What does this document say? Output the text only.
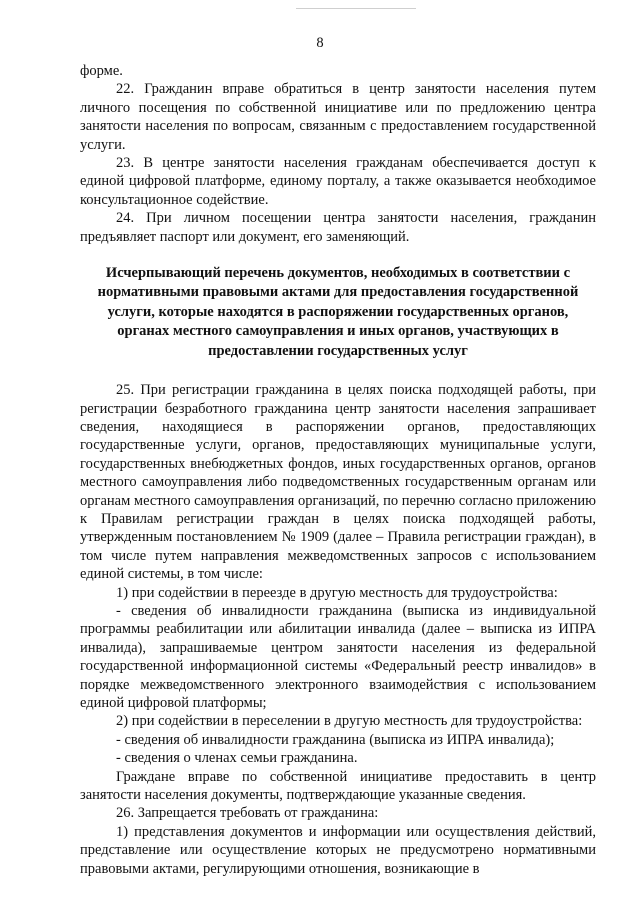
8

форме.

22. Гражданин вправе обратиться в центр занятости населения путем личного посещения по собственной инициативе или по предложению центра занятости населения по вопросам, связанным с предоставлением государственной услуги.

23. В центре занятости населения гражданам обеспечивается доступ к единой цифровой платформе, единому порталу, а также оказывается необходимое консультационное содействие.

24. При личном посещении центра занятости населения, гражданин предъявляет паспорт или документ, его заменяющий.

Исчерпывающий перечень документов, необходимых в соответствии с нормативными правовыми актами для предоставления государственной услуги, которые находятся в распоряжении государственных органов, органах местного самоуправления и иных органов, участвующих в предоставлении государственных услуг

25. При регистрации гражданина в целях поиска подходящей работы, при регистрации безработного гражданина центр занятости населения запрашивает сведения, находящиеся в распоряжении органов, предоставляющих государственные услуги, органов, предоставляющих муниципальные услуги, государственных внебюджетных фондов, иных государственных органов, органов местного самоуправления либо подведомственных государственным органам или органам местного самоуправления организаций, по перечню согласно приложению к Правилам регистрации граждан в целях поиска подходящей работы, утвержденным постановлением № 1909 (далее – Правила регистрации граждан), в том числе путем направления межведомственных запросов с использованием единой системы, в том числе:

1) при содействии в переезде в другую местность для трудоустройства:

- сведения об инвалидности гражданина (выписка из индивидуальной программы реабилитации или абилитации инвалида (далее – выписка из ИПРА инвалида), запрашиваемые центром занятости населения из федеральной государственной информационной системы «Федеральный реестр инвалидов» в порядке межведомственного электронного взаимодействия с использованием единой цифровой платформы;

2) при содействии в переселении в другую местность для трудоустройства:

- сведения об инвалидности гражданина (выписка из ИПРА инвалида);

- сведения о членах семьи гражданина.

Граждане вправе по собственной инициативе предоставить в центр занятости населения документы, подтверждающие указанные сведения.

26. Запрещается требовать от гражданина:

1) представления документов и информации или осуществления действий, представление или осуществление которых не предусмотрено нормативными правовыми актами, регулирующими отношения, возникающие в
